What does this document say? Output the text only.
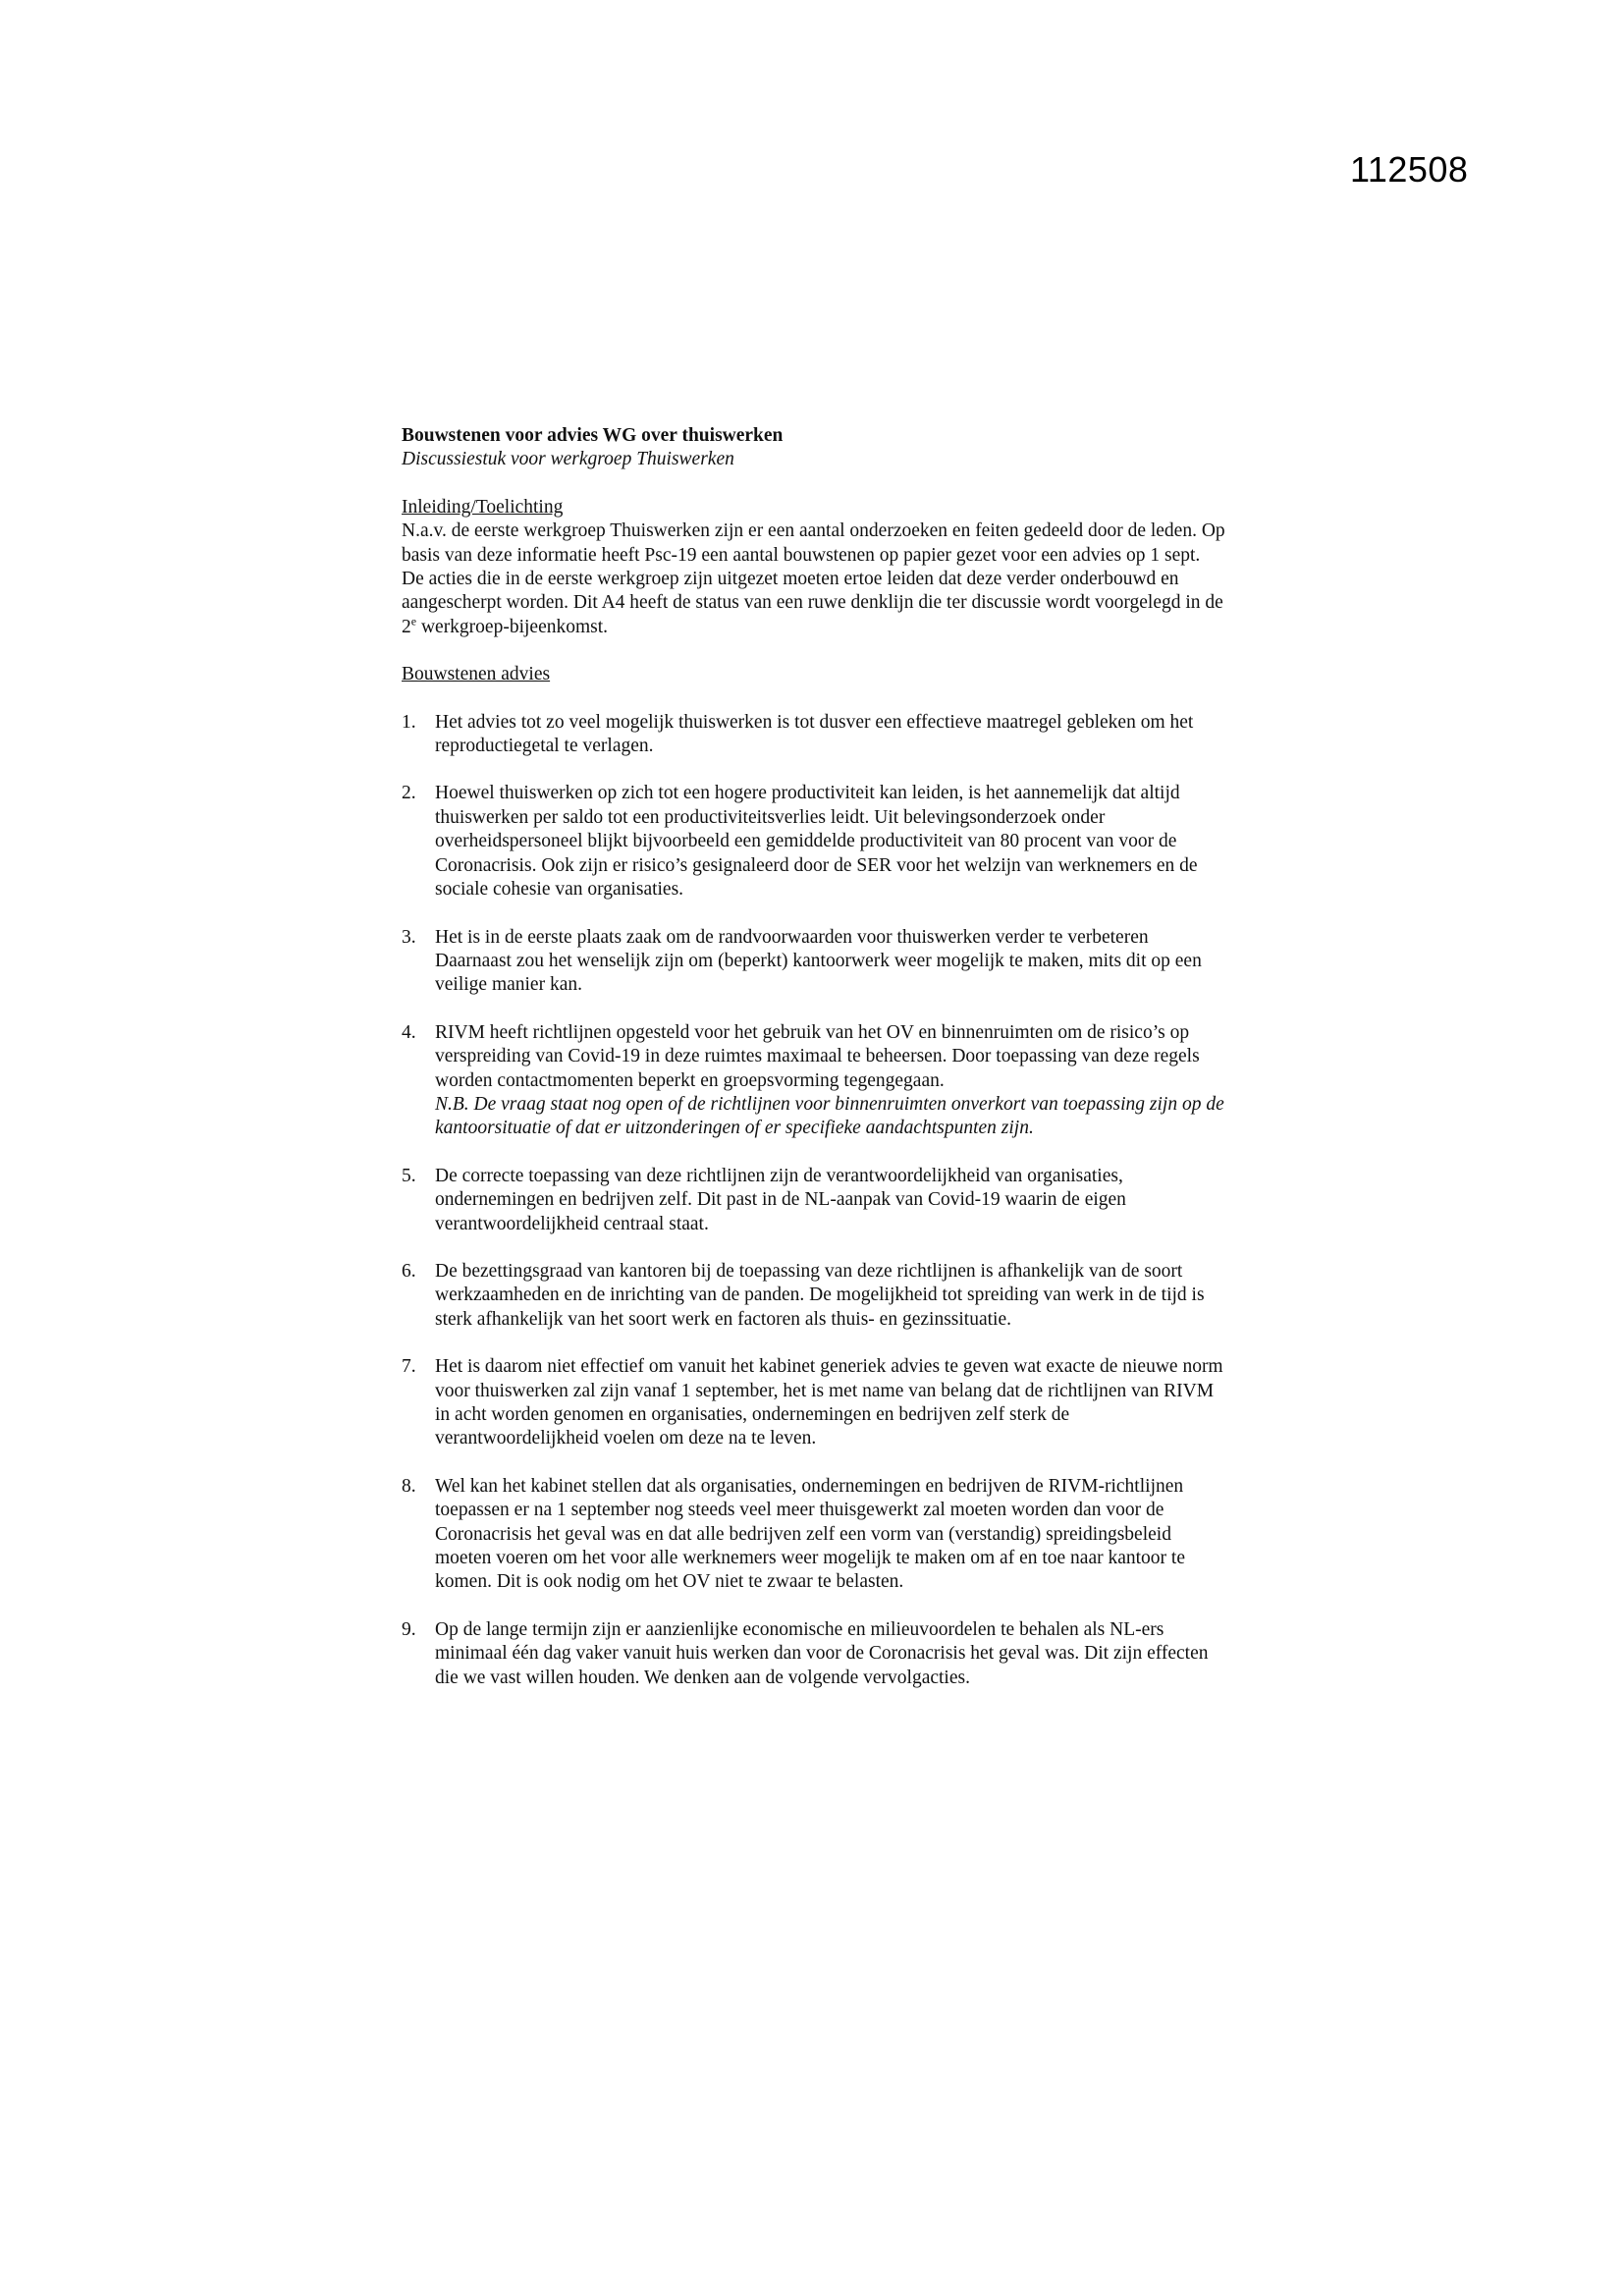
112508

Bouwstenen voor advies WG over thuiswerken

Discussiestuk voor werkgroep Thuiswerken

Inleiding/Toelichting

N.a.v. de eerste werkgroep Thuiswerken zijn er een aantal onderzoeken en feiten gedeeld door de leden. Op basis van deze informatie heeft Psc-19 een aantal bouwstenen op papier gezet voor een advies op 1 sept. De acties die in de eerste werkgroep zijn uitgezet moeten ertoe leiden dat deze verder onderbouwd en aangescherpt worden. Dit A4 heeft de status van een ruwe denklijn die ter discussie wordt voorgelegd in de 2e werkgroep-bijeenkomst.

Bouwstenen advies

1. Het advies tot zo veel mogelijk thuiswerken is tot dusver een effectieve maatregel gebleken om het reproductiegetal te verlagen.
2. Hoewel thuiswerken op zich tot een hogere productiviteit kan leiden, is het aannemelijk dat altijd thuiswerken per saldo tot een productiviteitsverlies leidt. Uit belevingsonderzoek onder overheidspersoneel blijkt bijvoorbeeld een gemiddelde productiviteit van 80 procent van voor de Coronacrisis. Ook zijn er risico’s gesignaleerd door de SER voor het welzijn van werknemers en de sociale cohesie van organisaties.
3. Het is in de eerste plaats zaak om de randvoorwaarden voor thuiswerken verder te verbeteren Daarnaast zou het wenselijk zijn om (beperkt) kantoorwerk weer mogelijk te maken, mits dit op een veilige manier kan.
4. RIVM heeft richtlijnen opgesteld voor het gebruik van het OV en binnenruimten om de risico’s op verspreiding van Covid-19 in deze ruimtes maximaal te beheersen. Door toepassing van deze regels worden contactmomenten beperkt en groepsvorming tegengegaan.
N.B. De vraag staat nog open of de richtlijnen voor binnenruimten onverkort van toepassing zijn op de kantoorsituatie of dat er uitzonderingen of er specifieke aandachtspunten zijn.
5. De correcte toepassing van deze richtlijnen zijn de verantwoordelijkheid van organisaties, ondernemingen en bedrijven zelf. Dit past in de NL-aanpak van Covid-19 waarin de eigen verantwoordelijkheid centraal staat.
6. De bezettingsgraad van kantoren bij de toepassing van deze richtlijnen is afhankelijk van de soort werkzaamheden en de inrichting van de panden. De mogelijkheid tot spreiding van werk in de tijd is sterk afhankelijk van het soort werk en factoren als thuis- en gezinssituatie.
7. Het is daarom niet effectief om vanuit het kabinet generiek advies te geven wat exacte de nieuwe norm voor thuiswerken zal zijn vanaf 1 september, het is met name van belang dat de richtlijnen van RIVM in acht worden genomen en organisaties, ondernemingen en bedrijven zelf sterk de verantwoordelijkheid voelen om deze na te leven.
8. Wel kan het kabinet stellen dat als organisaties, ondernemingen en bedrijven de RIVM-richtlijnen toepassen er na 1 september nog steeds veel meer thuisgewerkt zal moeten worden dan voor de Coronacrisis het geval was en dat alle bedrijven zelf een vorm van (verstandig) spreidingsbeleid moeten voeren om het voor alle werknemers weer mogelijk te maken om af en toe naar kantoor te komen. Dit is ook nodig om het OV niet te zwaar te belasten.
9. Op de lange termijn zijn er aanzienlijke economische en milieuvoordelen te behalen als NL-ers minimaal één dag vaker vanuit huis werken dan voor de Coronacrisis het geval was. Dit zijn effecten die we vast willen houden. We denken aan de volgende vervolgacties.
